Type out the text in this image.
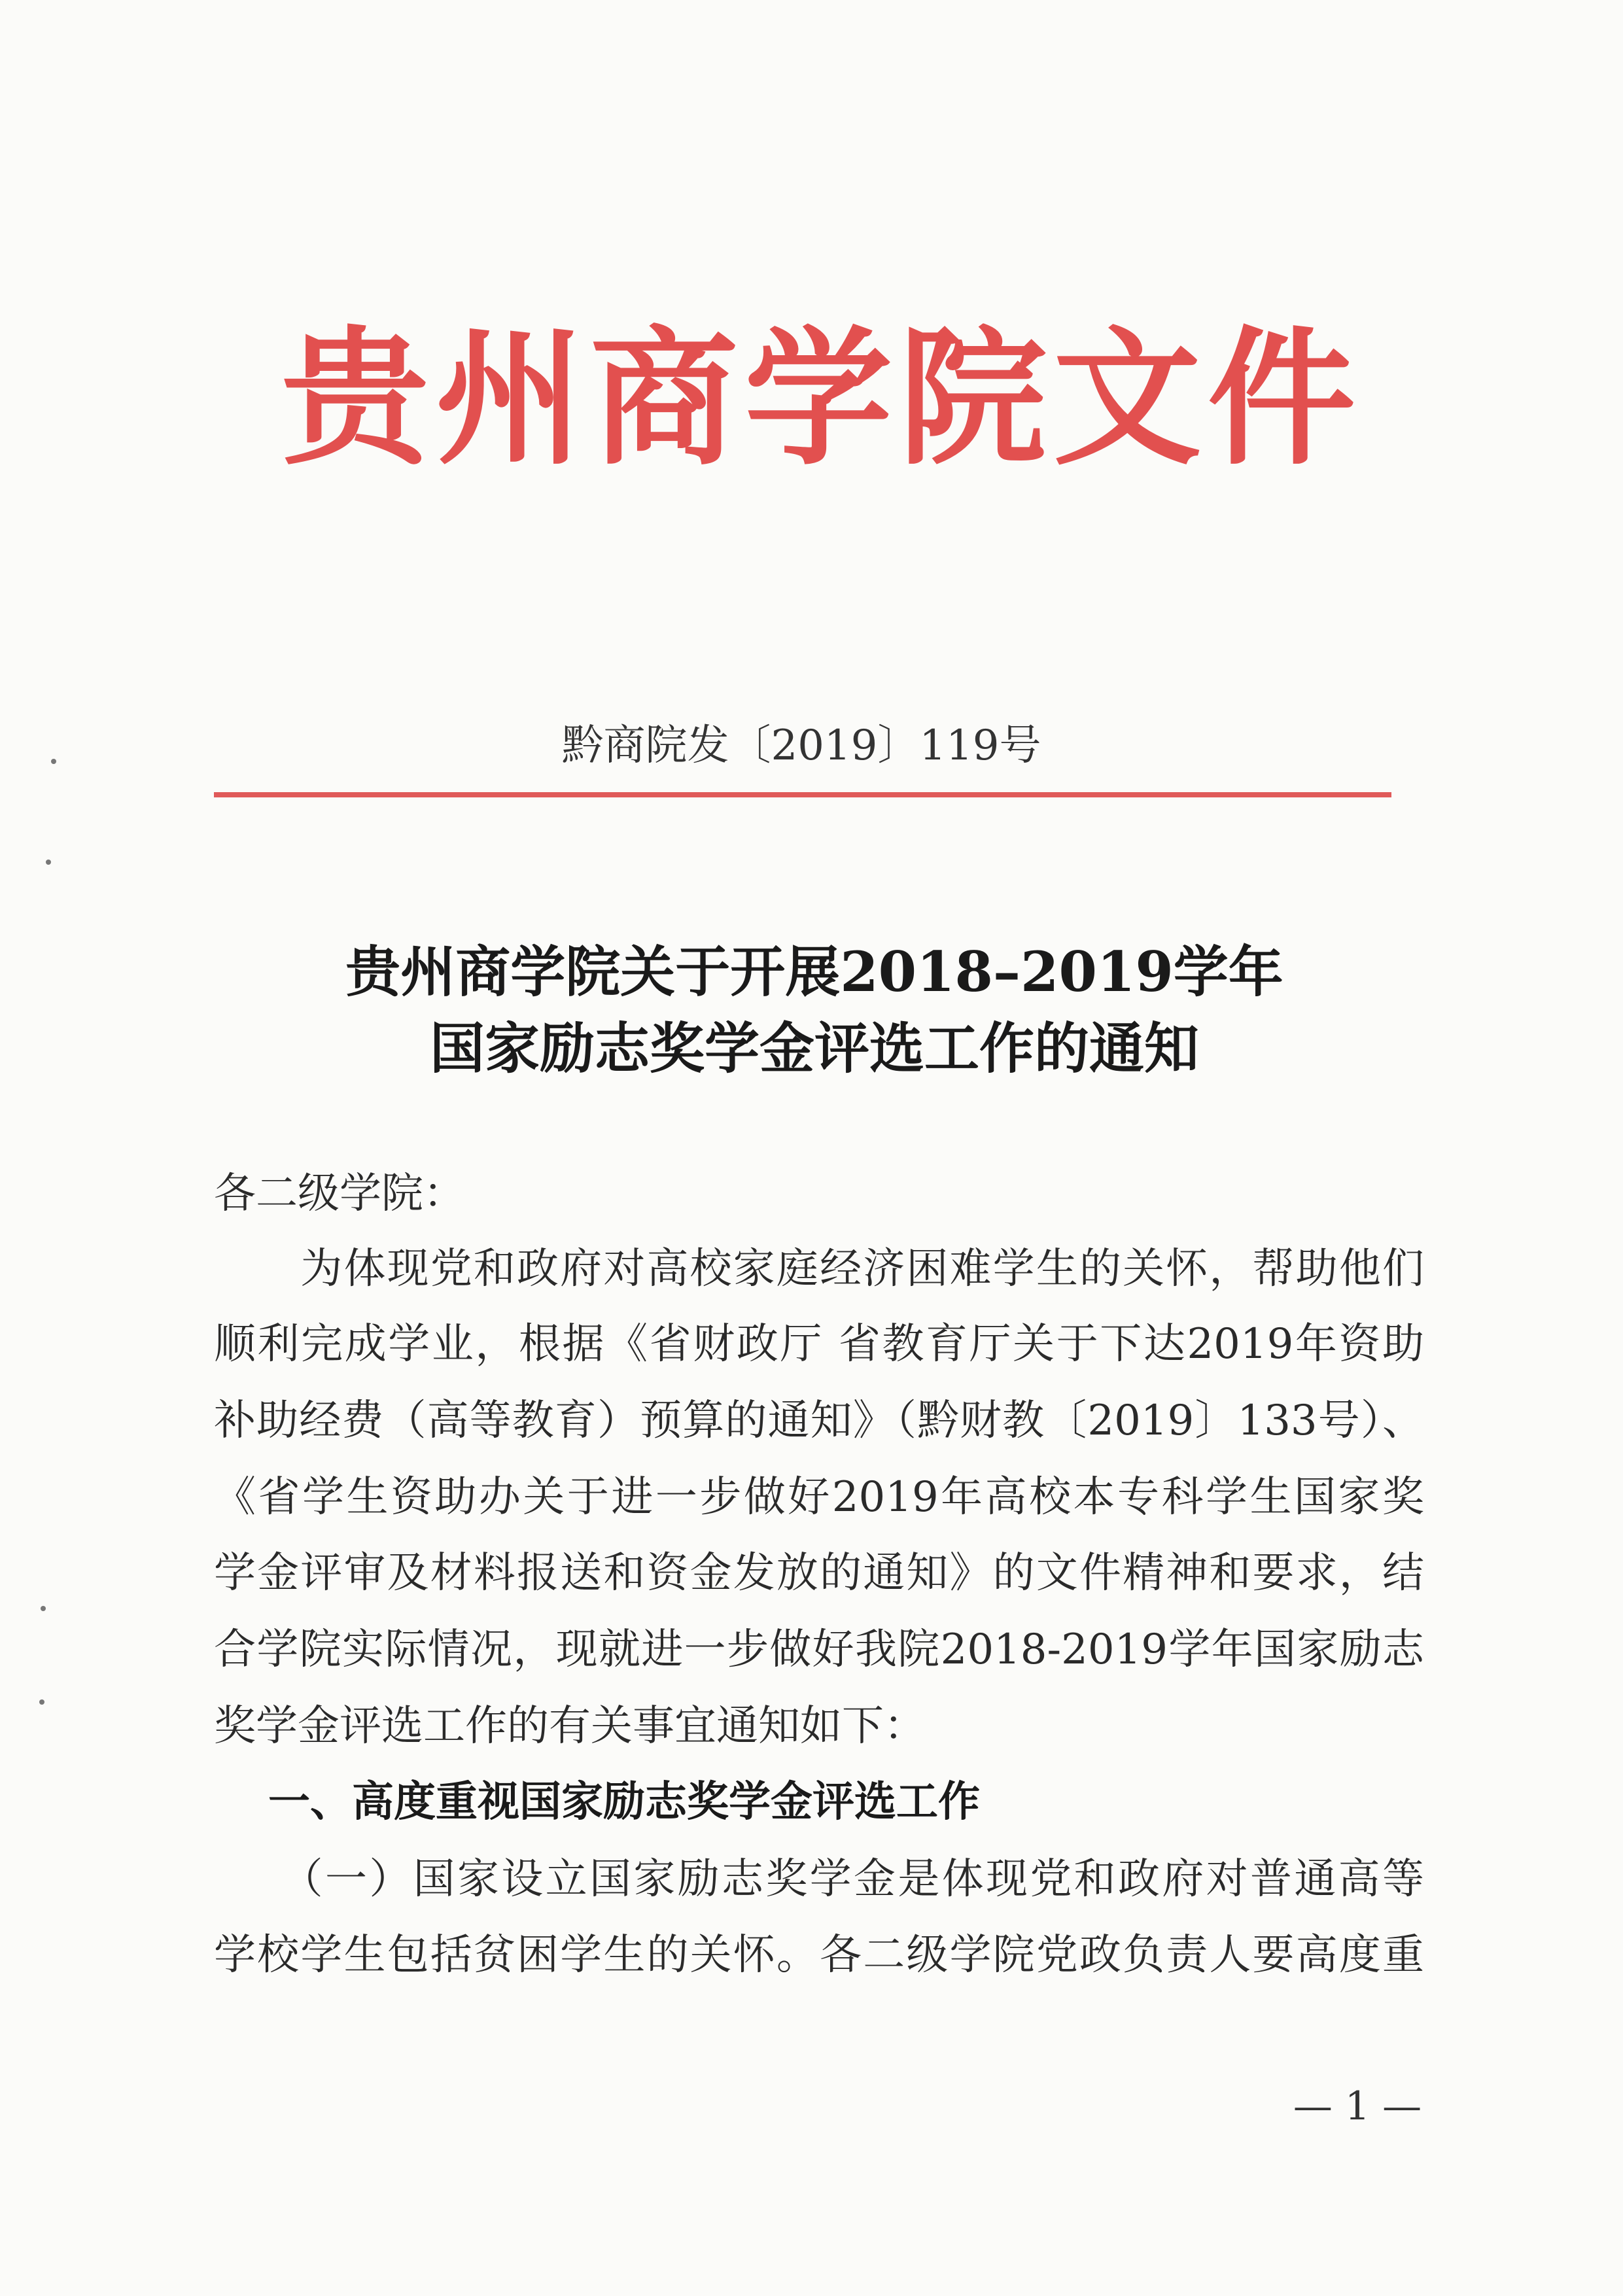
贵州商学院文件
黔商院发〔2019〕119号
贵州商学院关于开展2018–2019学年
国家励志奖学金评选工作的通知
各二级学院：
　　为体现党和政府对高校家庭经济困难学生的关怀，帮助他们
顺利完成学业，根据《省财政厅 省教育厅关于下达2019年资助
补助经费（高等教育）预算的通知》（黔财教〔2019〕133号）、
《省学生资助办关于进一步做好2019年高校本专科学生国家奖
学金评审及材料报送和资金发放的通知》的文件精神和要求，结
合学院实际情况，现就进一步做好我院2018-2019学年国家励志
奖学金评选工作的有关事宜通知如下：
一、高度重视国家励志奖学金评选工作
　　（一）国家设立国家励志奖学金是体现党和政府对普通高等
学校学生包括贫困学生的关怀。各二级学院党政负责人要高度重
— 1 —
